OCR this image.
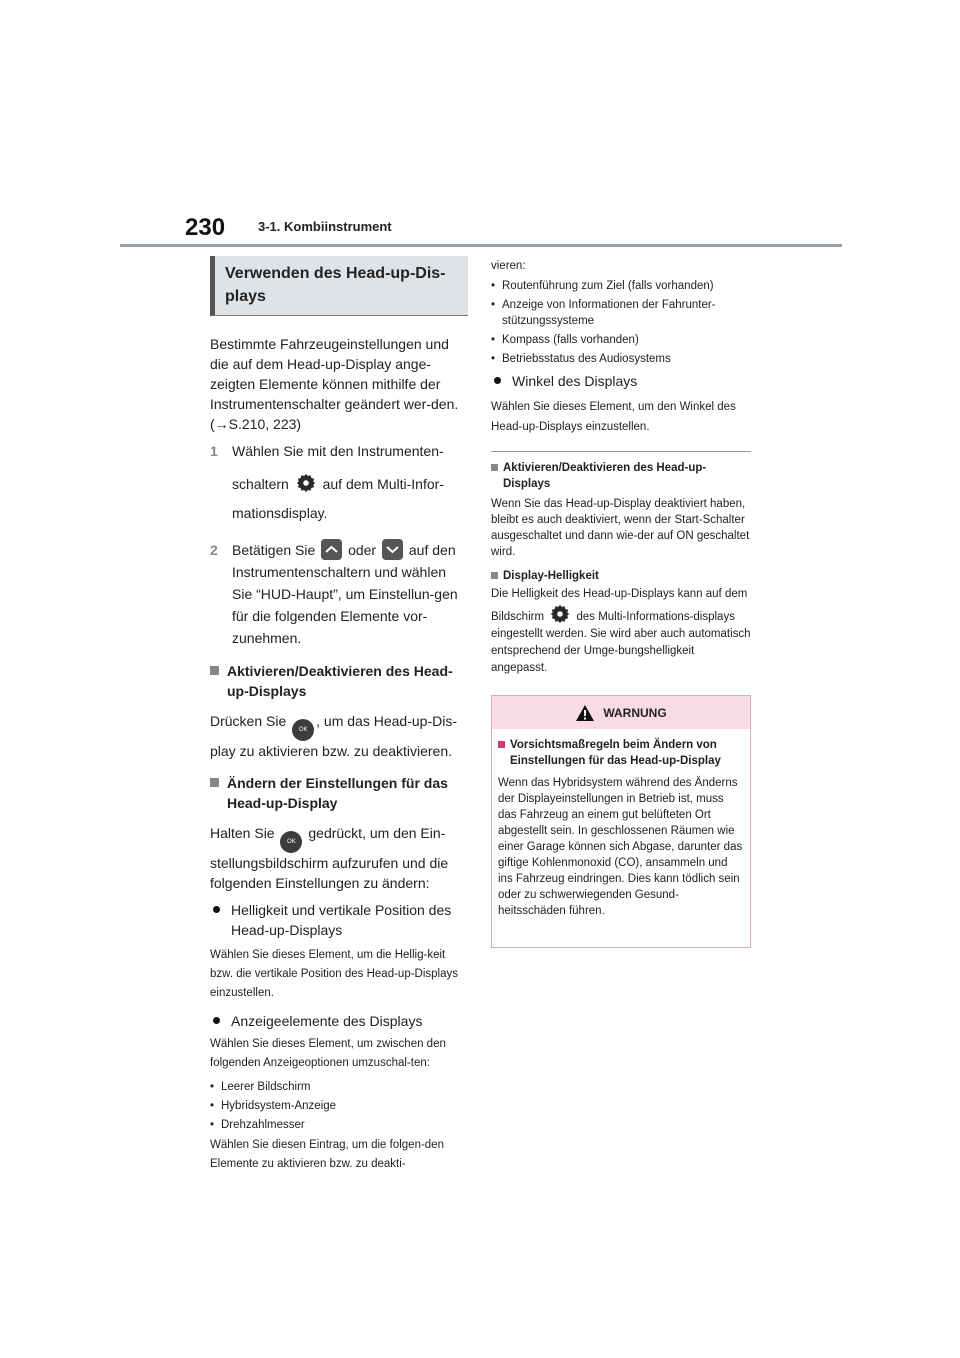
230	3-1. Kombiinstrument
Verwenden des Head-up-Dis-
plays
Bestimmte Fahrzeugeinstellungen und die auf dem Head-up-Display ange-zeigten Elemente können mithilfe der Instrumentenschalter geändert wer-den. (→S.210, 223)
1	Wählen Sie mit den Instrumenten-
schaltern auf dem Multi-Infor-
mationsdisplay.
2	Betätigen Sie oder auf den
Instrumentenschaltern und wählen Sie “HUD-Haupt”, um Einstellun-gen für die folgenden Elemente vor-zunehmen.
Aktivieren/Deaktivieren des Head-up-Displays
Drücken Sie OK, um das Head-up-Dis-play zu aktivieren bzw. zu deaktivieren.
Ändern der Einstellungen für das Head-up-Display
Halten Sie OK gedrückt, um den Ein-stellungsbildschirm aufzurufen und die folgenden Einstellungen zu ändern:
Helligkeit und vertikale Position des Head-up-Displays
Wählen Sie dieses Element, um die Hellig-keit bzw. die vertikale Position des Head-up-Displays einzustellen.
Anzeigeelemente des Displays
Wählen Sie dieses Element, um zwischen den folgenden Anzeigeoptionen umzuschal-ten:
• Leerer Bildschirm
• Hybridsystem-Anzeige
• Drehzahlmesser
Wählen Sie diesen Eintrag, um die folgen-den Elemente zu aktivieren bzw. zu deakti-
vieren:
• Routenführung zum Ziel (falls vorhanden)
• Anzeige von Informationen der Fahrunter-stützungssysteme
• Kompass (falls vorhanden)
• Betriebsstatus des Audiosystems
Winkel des Displays
Wählen Sie dieses Element, um den Winkel des Head-up-Displays einzustellen.
Aktivieren/Deaktivieren des Head-up-Displays
Wenn Sie das Head-up-Display deaktiviert haben, bleibt es auch deaktiviert, wenn der Start-Schalter ausgeschaltet und dann wie-der auf ON geschaltet wird.
Display-Helligkeit
Die Helligkeit des Head-up-Displays kann auf dem Bildschirm	des Multi-Informations-displays eingestellt werden. Sie wird aber auch automatisch entsprechend der Umge-bungshelligkeit angepasst.
WARNUNG
Vorsichtsmaßregeln beim Ändern von Einstellungen für das Head-up-Display
Wenn das Hybridsystem während des Änderns der Displayeinstellungen in Betrieb ist, muss das Fahrzeug an einem gut belüfteten Ort abgestellt sein. In geschlossenen Räumen wie einer Garage können sich Abgase, darunter das giftige Kohlenmonoxid (CO), ansammeln und ins Fahrzeug eindringen. Dies kann tödlich sein oder zu schwerwiegenden Gesund-heitsschäden führen.
